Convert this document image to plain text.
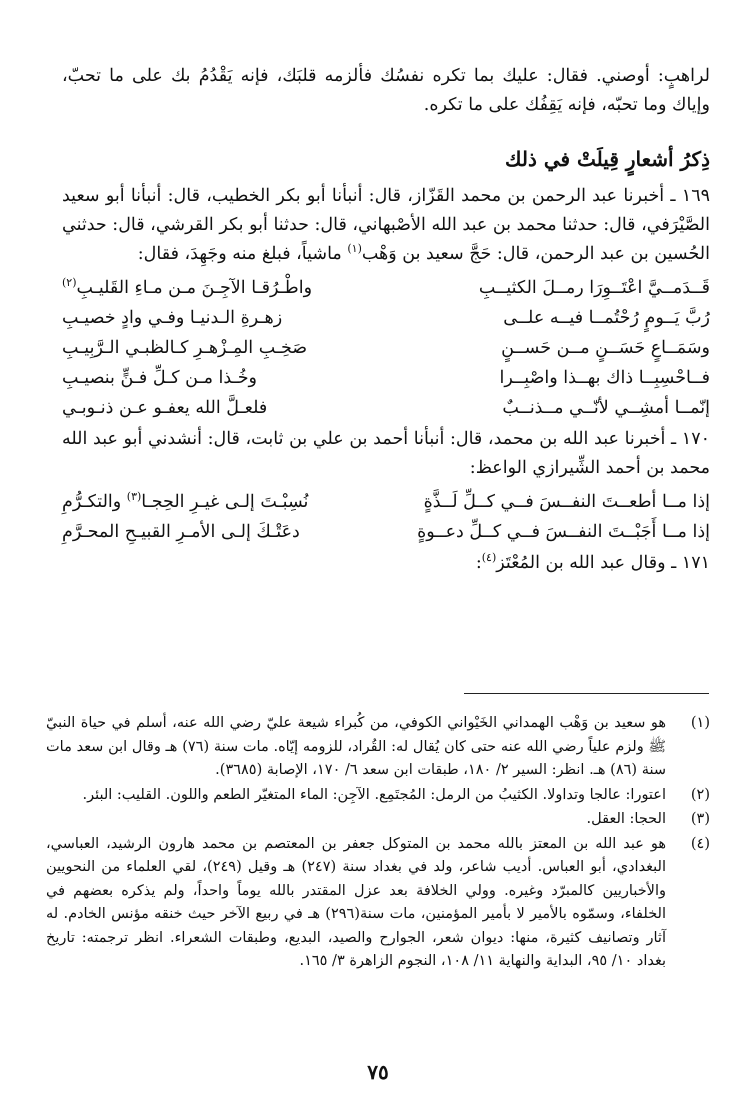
لراهبٍ: أوصني. فقال: عليك بما تكره نفسُك فألزمه قلبَك، فإنه يَقْدُمُ بك على ما تحبّ، وإياك وما تحبّه، فإنه يَقِفُك على ما تكره.

ذِكرُ أشعارٍ قِيلَتْ في ذلك

١٦٩ ـ أخبرنا عبد الرحمن بن محمد القَزّاز، قال: أنبأنا أبو بكر الخطيب، قال: أنبأنا أبو سعيد الصَّيْرَفي، قال: حدثنا محمد بن عبد الله الأصْبهاني، قال: حدثنا أبو بكر القرشي، قال: حدثني الحُسين بن عبد الرحمن، قال: حَجَّ سعيد بن وَهْب$^{(١)}$ ماشياً، فبلغ منه وجَهِدَ، فقال:

قَــدَمــيَّ اعْتَــوِرَا رمــلَ الكثيــبِ
واطْـرُقـا الآجِـنَ مـن مـاءِ القَليـبِ$^{(٢)}$
رُبَّ يَــومٍ رُحْتُمــا فيــه علــى
زهـرةِ الـدنيـا وفـي وادٍ خصيـبِ
وسَمَــاعٍ حَسَــنٍ مــن حَســنٍ
صَخِـبِ المِـزْهـرِ كـالظبـي الـرَّبِيـبِ
فــاحْسِبِــا ذاك بهــذا واصْبِــرا
وخُـذا مـن كـلِّ فـنٍّ بنصيـبِ
إنّمــا أمشِــي لأنّــي مــذنــبٌ
فلعـلَّ الله يعفـو عـن ذنـوبـي

١٧٠ ـ أخبرنا عبد الله بن محمد، قال: أنبأنا أحمد بن علي بن ثابت، قال: أنشدني أبو عبد الله محمد بن أحمد الشِّيرازي الواعظ:

إذا مــا أطعــتَ النفــسَ فــي كــلِّ لَــذَّةٍ
نُسِبْـتَ إلـى غيـرِ الحِجـا$^{(٣)}$ والتكـرُّمِ
إذا مــا أَجَبْــتَ النفــسَ فــي كــلِّ دعــوةٍ
دعَتْـكَ إلـى الأمـرِ القبيـحِ المحـرَّمِ

١٧١ ـ وقال عبد الله بن المُعْتَز$^{(٤)}$:

(١)
هو سعيد بن وَهْب الهمداني الخَيْواني الكوفي، من كُبراء شيعة عليّ رضي الله عنه، أسلم في حياة النبيّ ﷺ ولزم علياً رضي الله عنه حتى كان يُقال له: القُراد، للزومه إيّاه. مات سنة (٧٦) هـ وقال ابن سعد مات سنة (٨٦) هـ. انظر: السير ٢/ ١٨٠، طبقات ابن سعد ٦/ ١٧٠، الإصابة (٣٦٨٥).
(٢)
اعتورا: عالجا وتداولا. الكثيبُ من الرمل: المُجتَمِع. الآجِن: الماء المتغيّر الطعم واللون. القليب: البئر.
(٣)
الحجا: العقل.
(٤)
هو عبد الله بن المعتز بالله محمد بن المتوكل جعفر بن المعتصم بن محمد هارون الرشيد، العباسي، البغدادي، أبو العباس. أديب شاعر، ولد في بغداد سنة (٢٤٧) هـ وقيل (٢٤٩)، لقي العلماء من النحويين والأخباريين كالمبرّد وغيره. وولي الخلافة بعد عزل المقتدر بالله يوماً واحداً، ولم يذكره بعضهم في الخلفاء، وسمّوه بالأمير لا بأمير المؤمنين، مات سنة(٢٩٦) هـ في ربيع الآخر حيث خنقه مؤنس الخادم. له آثار وتصانيف كثيرة، منها: ديوان شعر، الجوارح والصيد، البديع، وطبقات الشعراء. انظر ترجمته: تاريخ بغداد ١٠/ ٩٥، البداية والنهاية ١١/ ١٠٨، النجوم الزاهرة ٣/ ١٦٥.
٧٥
